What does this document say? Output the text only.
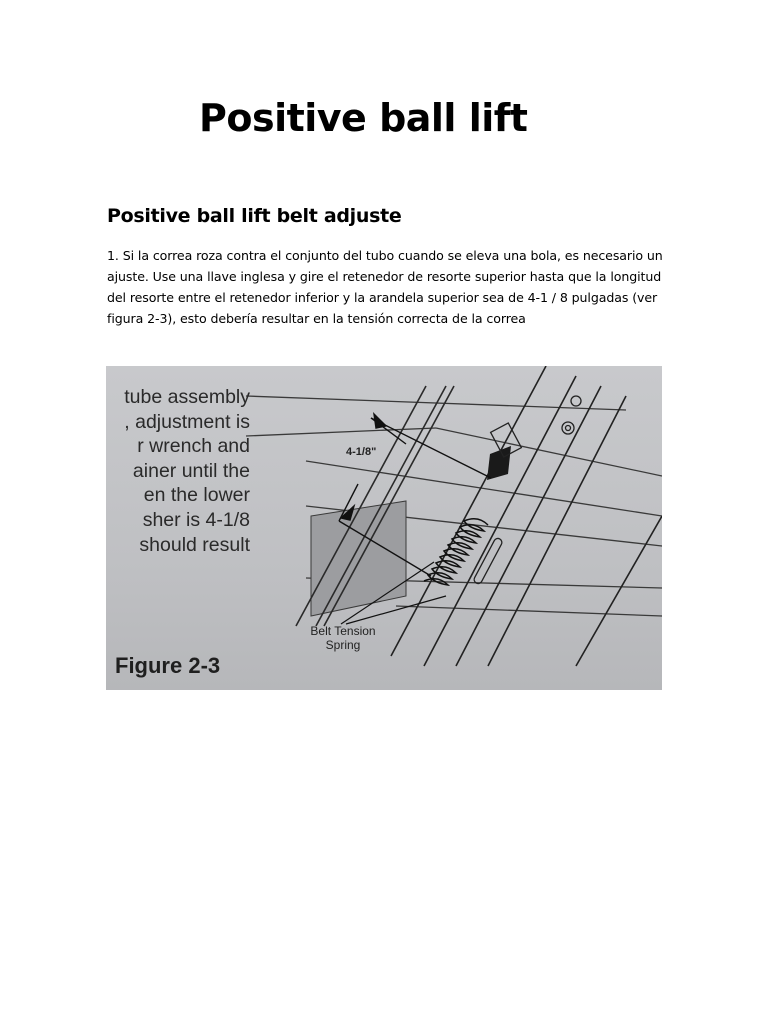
Positive ball lift
Positive ball lift belt adjuste

1. Si la correa roza contra el conjunto del tubo cuando se eleva una bola, es necesario un ajuste. Use una llave inglesa y gire el retenedor de resorte superior hasta que la longitud del resorte entre el retenedor inferior y la arandela superior sea de 4-1 / 8 pulgadas (ver figura 2-3), esto debería resultar en la tensión correcta de la correa

tube assembly
, adjustment is
r wrench and
ainer until the
en the lower
sher is 4-1/8
should result
4-1/8"
Belt Tension Spring
Figure 2-3
